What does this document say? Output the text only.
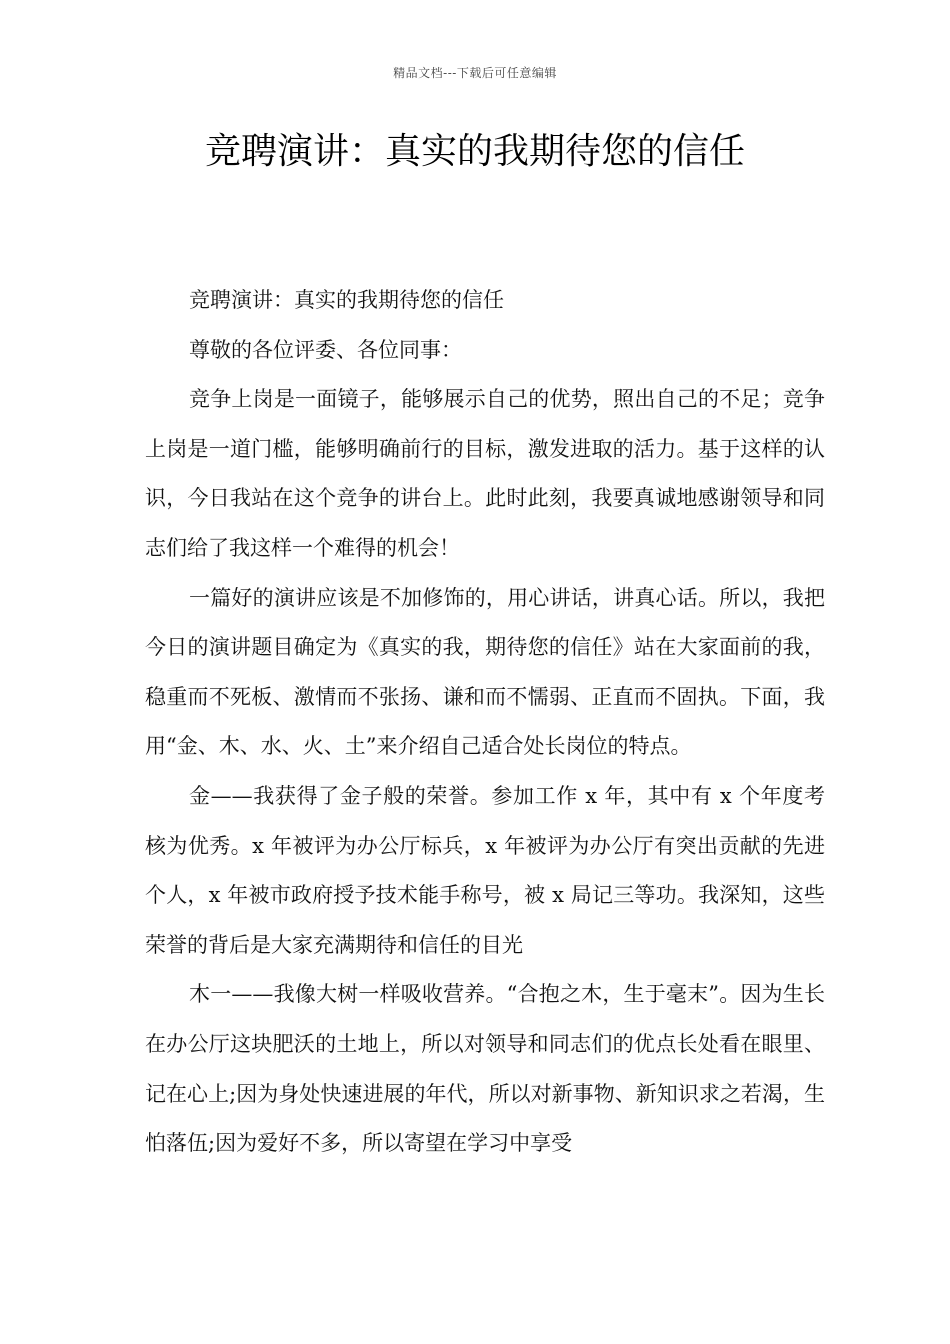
精品文档---下载后可任意编辑
竞聘演讲：真实的我期待您的信任

竞聘演讲：真实的我期待您的信任

尊敬的各位评委、各位同事：

竞争上岗是一面镜子，能够展示自己的优势，照出自己的不足；竞争上岗是一道门槛，能够明确前行的目标，激发进取的活力。基于这样的认识，今日我站在这个竞争的讲台上。此时此刻，我要真诚地感谢领导和同志们给了我这样一个难得的机会！

一篇好的演讲应该是不加修饰的，用心讲话，讲真心话。所以，我把今日的演讲题目确定为《真实的我，期待您的信任》站在大家面前的我，稳重而不死板、激情而不张扬、谦和而不懦弱、正直而不固执。下面，我用“金、木、水、火、土”来介绍自己适合处长岗位的特点。

金——我获得了金子般的荣誉。参加工作 x 年，其中有 x 个年度考核为优秀。x 年被评为办公厅标兵，x 年被评为办公厅有突出贡献的先进个人，x 年被市政府授予技术能手称号，被 x 局记三等功。我深知，这些荣誉的背后是大家充满期待和信任的目光

木一——我像大树一样吸收营养。“合抱之木，生于毫末”。因为生长在办公厅这块肥沃的土地上，所以对领导和同志们的优点长处看在眼里、记在心上;因为身处快速进展的年代，所以对新事物、新知识求之若渴，生怕落伍;因为爱好不多，所以寄望在学习中享受
